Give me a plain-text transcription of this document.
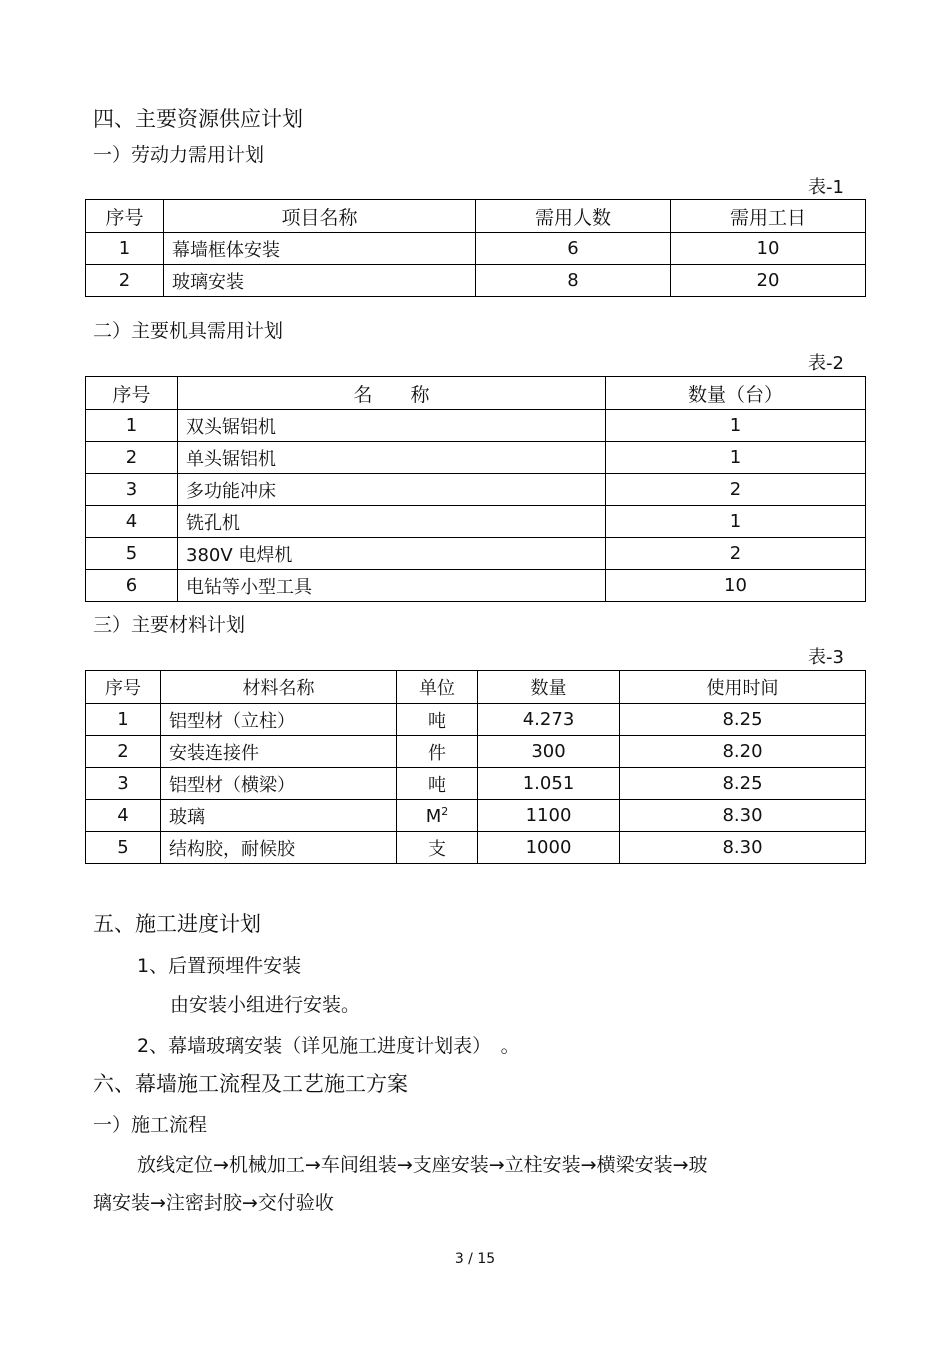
四、主要资源供应计划
一）劳动力需用计划
表-1
序号	项目名称	需用人数	需用工日
1	幕墙框体安装	6	10
2	玻璃安装	8	20
二）主要机具需用计划
表-2
序号	名　　称	数量（台）
1	双头锯铝机	1
2	单头锯铝机	1
3	多功能冲床	2
4	铣孔机	1
5	380V 电焊机	2
6	电钻等小型工具	10
三）主要材料计划
表-3
序号	材料名称	单位	数量	使用时间
1	铝型材（立柱）	吨	4.273	8.25
2	安装连接件	件	300	8.20
3	铝型材（横梁）	吨	1.051	8.25
4	玻璃	$M^2$	1100	8.30
5	结构胶，耐候胶	支	1000	8.30
五、施工进度计划
1、后置预埋件安装
由安装小组进行安装。
2、幕墙玻璃安装（详见施工进度计划表）　。
六、幕墙施工流程及工艺施工方案
一）施工流程
放线定位→机械加工→车间组装→支座安装→立柱安装→横梁安装→玻
璃安装→注密封胶→交付验收
3 / 15
